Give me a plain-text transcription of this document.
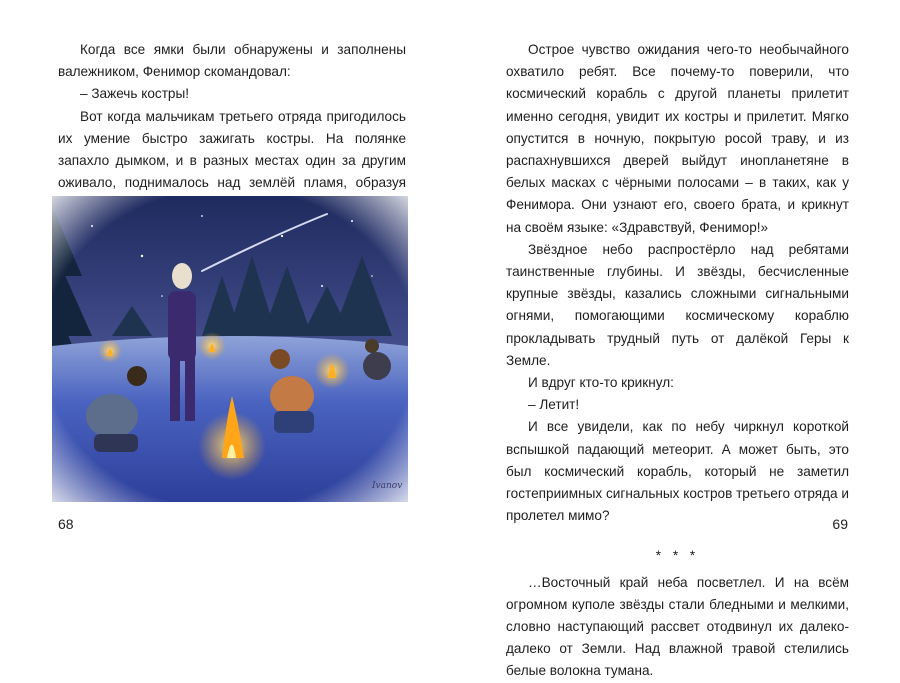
Когда все ямки были обнаружены и заполнены валежником, Фенимор скомандовал:

– Зажечь костры!

Вот когда мальчикам третьего отряда пригодилось их умение быстро зажигать костры. На полянке запахло дымком, и в разных местах один за другим оживало, поднималось над землёй пламя, образуя

Ivanov
68

Острое чувство ожидания чего-то необычайного охватило ребят. Все почему-то поверили, что космический корабль с другой планеты прилетит именно сегодня, увидит их костры и прилетит. Мягко опустится в ночную, покрытую росой траву, и из распахнувшихся дверей выйдут инопланетяне в белых масках с чёрными полосами – в таких, как у Фенимора. Они узнают его, своего брата, и крикнут на своём языке: «Здравствуй, Фенимор!»

Звёздное небо распростёрло над ребятами таинственные глубины. И звёзды, бесчисленные крупные звёзды, казались сложными сигнальными огнями, помогающими космическому кораблю прокладывать трудный путь от далёкой Геры к Земле.

И вдруг кто-то крикнул:

– Летит!

И все увидели, как по небу чиркнул короткой вспышкой падающий метеорит. А может быть, это был космический корабль, который не заметил гостеприимных сигнальных костров третьего отряда и пролетел мимо?

* * *

…Восточный край неба посветлел. И на всём огромном куполе звёзды стали бледными и мелкими, словно наступающий рассвет отодвинул их далеко-далеко от Земли. Над влажной травой стелились белые волокна тумана.

69
